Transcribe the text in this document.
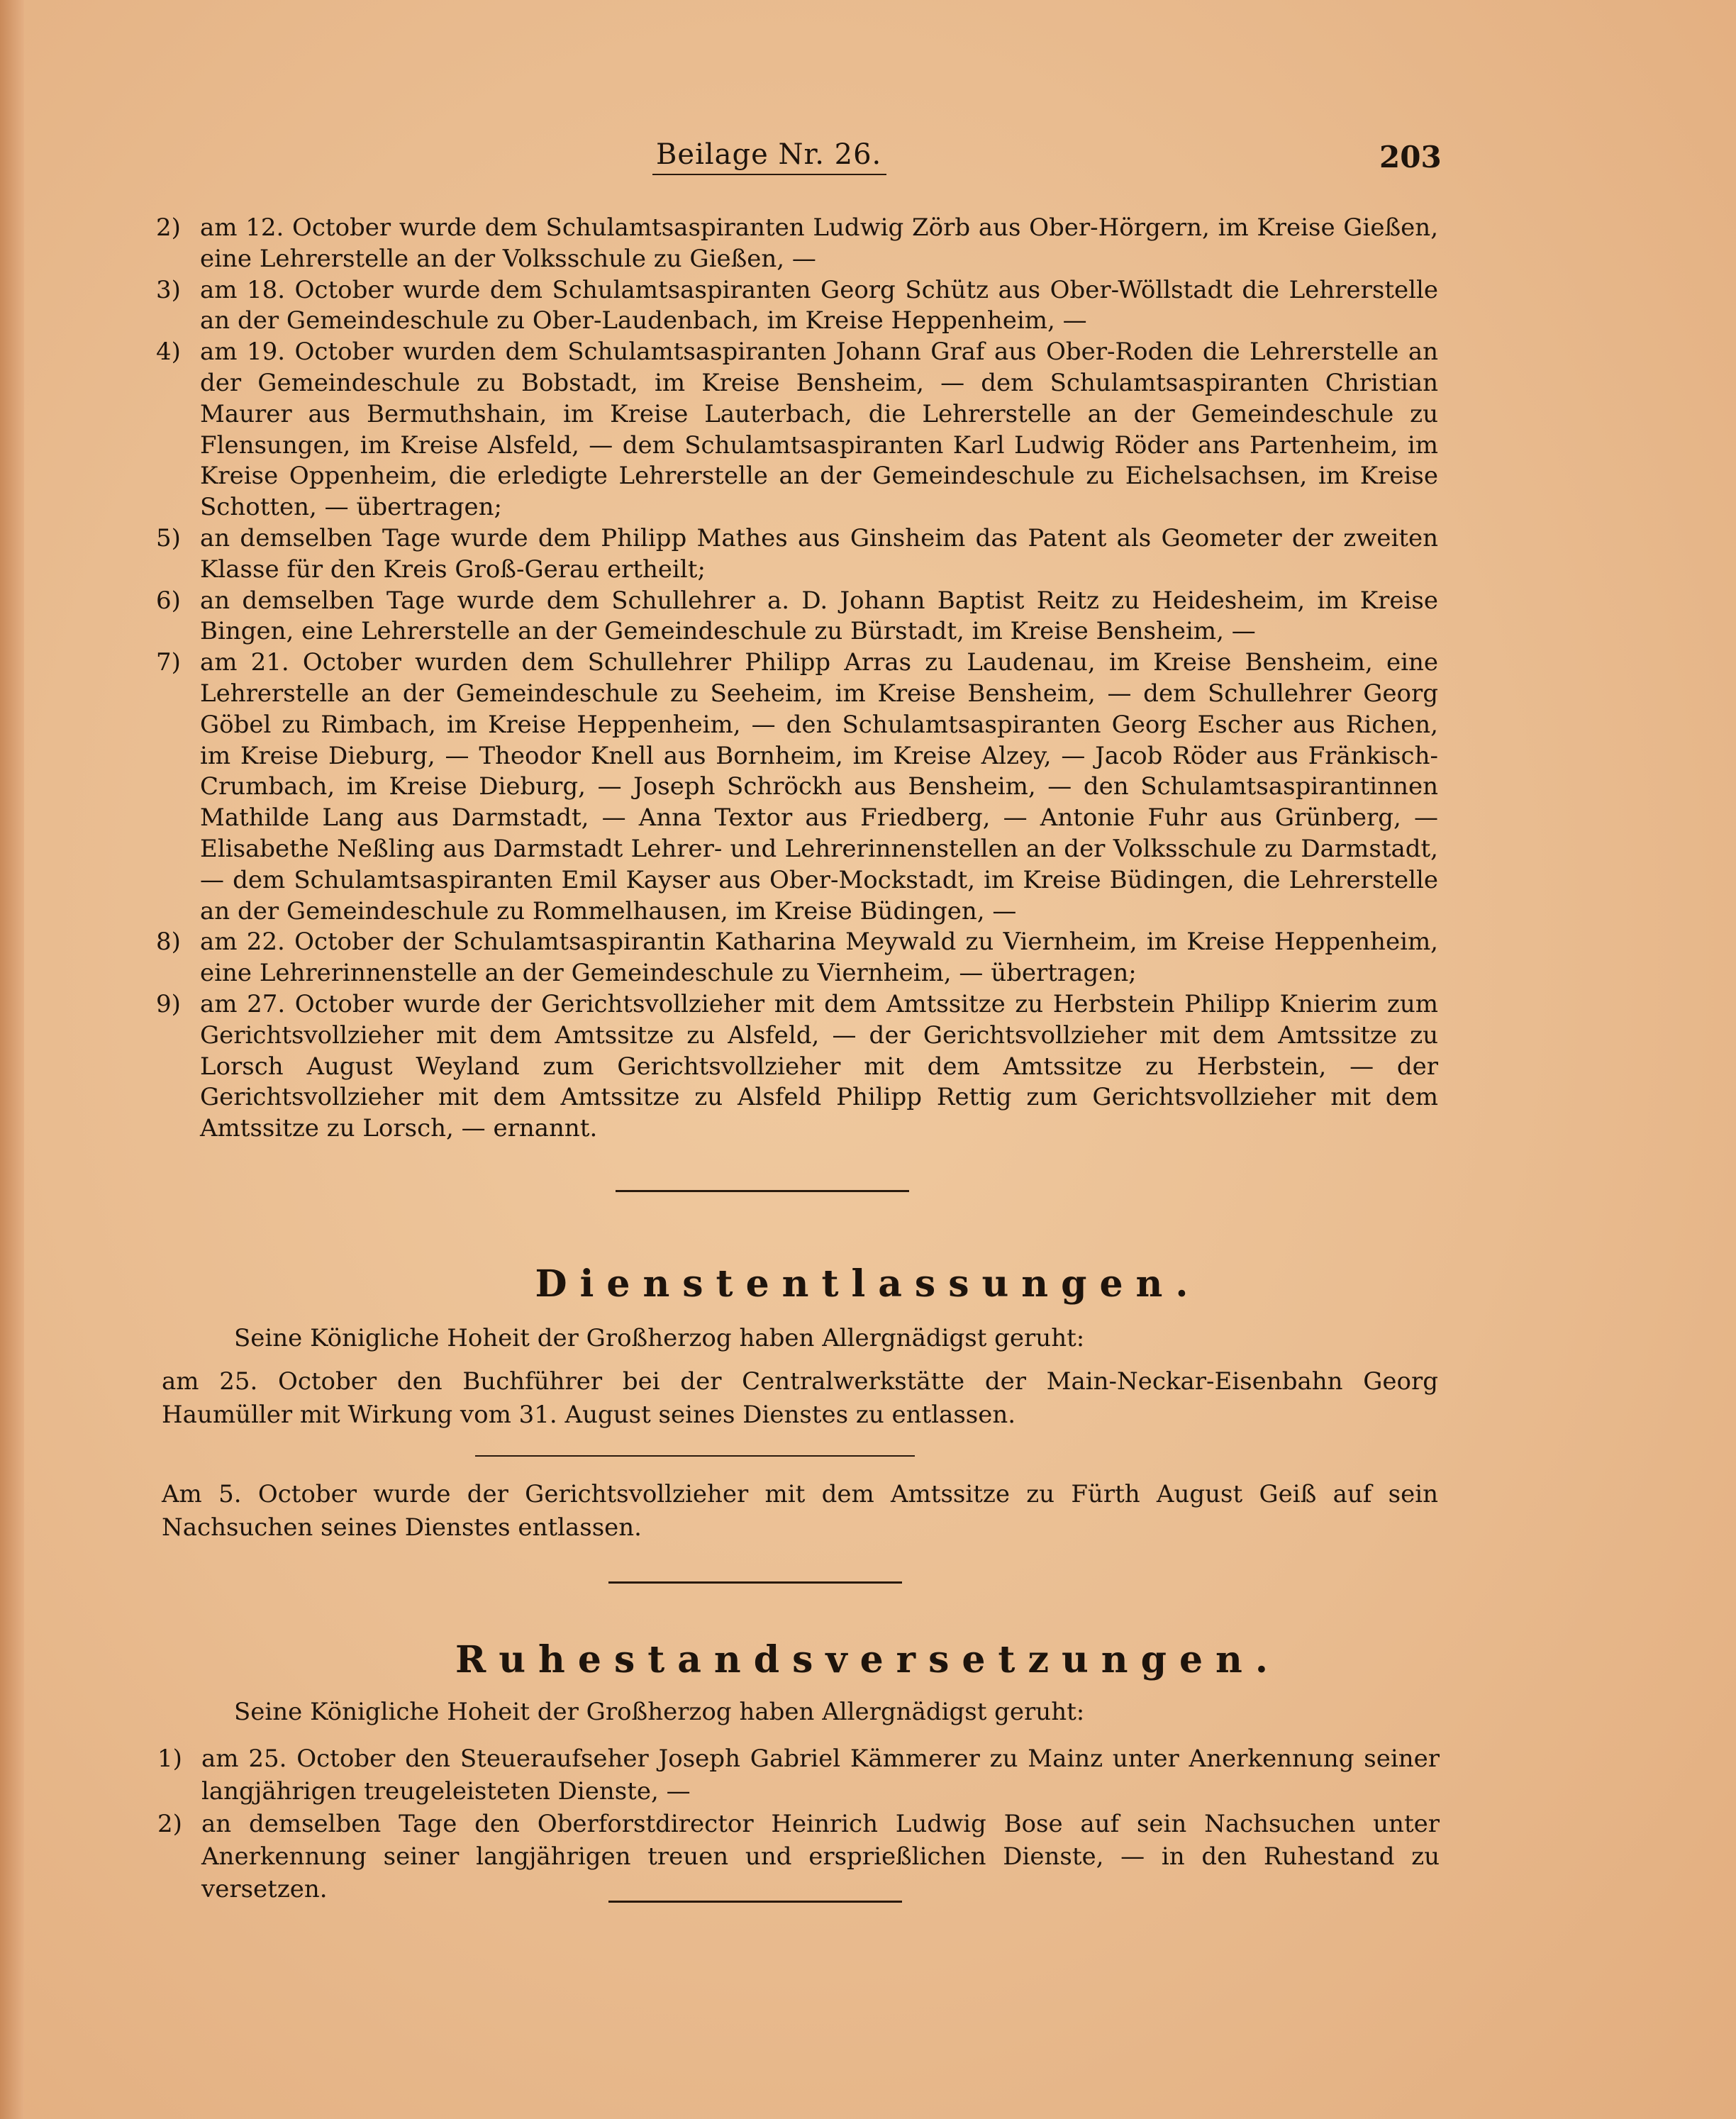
Beilage Nr. 26.	203
2) am 12. October wurde dem Schulamtsaspiranten Ludwig Zörb aus Ober-Hörgern, im Kreise Gießen, eine Lehrerstelle an der Volksschule zu Gießen, —
3) am 18. October wurde dem Schulamtsaspiranten Georg Schütz aus Ober-Wöllstadt die Lehrerstelle an der Gemeindeschule zu Ober-Laudenbach, im Kreise Heppenheim, —
4) am 19. October wurden dem Schulamtsaspiranten Johann Graf aus Ober-Roden die Lehrerstelle an der Gemeindeschule zu Bobstadt, im Kreise Bensheim, — dem Schulamtsaspiranten Christian Maurer aus Bermuthshain, im Kreise Lauterbach, die Lehrerstelle an der Gemeindeschule zu Flensungen, im Kreise Alsfeld, — dem Schulamtsaspiranten Karl Ludwig Röder ans Partenheim, im Kreise Oppenheim, die erledigte Lehrerstelle an der Gemeindeschule zu Eichelsachsen, im Kreise Schotten, — übertragen;
5) an demselben Tage wurde dem Philipp Mathes aus Ginsheim das Patent als Geometer der zweiten Klasse für den Kreis Groß-Gerau ertheilt;
6) an demselben Tage wurde dem Schullehrer a. D. Johann Baptist Reitz zu Heidesheim, im Kreise Bingen, eine Lehrerstelle an der Gemeindeschule zu Bürstadt, im Kreise Bensheim, —
7) am 21. October wurden dem Schullehrer Philipp Arras zu Laudenau, im Kreise Bensheim, eine Lehrerstelle an der Gemeindeschule zu Seeheim, im Kreise Bensheim, — dem Schullehrer Georg Göbel zu Rimbach, im Kreise Heppenheim, — den Schulamtsaspiranten Georg Escher aus Richen, im Kreise Dieburg, — Theodor Knell aus Bornheim, im Kreise Alzey, — Jacob Röder aus Fränkisch-Crumbach, im Kreise Dieburg, — Joseph Schröckh aus Bensheim, — den Schulamtsaspirantinnen Mathilde Lang aus Darmstadt, — Anna Textor aus Friedberg, — Antonie Fuhr aus Grünberg, — Elisabethe Neßling aus Darmstadt Lehrer- und Lehrerinnenstellen an der Volksschule zu Darmstadt, — dem Schulamtsaspiranten Emil Kayser aus Ober-Mockstadt, im Kreise Büdingen, die Lehrerstelle an der Gemeindeschule zu Rommelhausen, im Kreise Büdingen, —
8) am 22. October der Schulamtsaspirantin Katharina Meywald zu Viernheim, im Kreise Heppenheim, eine Lehrerinnenstelle an der Gemeindeschule zu Viernheim, — übertragen;
9) am 27. October wurde der Gerichtsvollzieher mit dem Amtssitze zu Herbstein Philipp Knierim zum Gerichtsvollzieher mit dem Amtssitze zu Alsfeld, — der Gerichtsvollzieher mit dem Amtssitze zu Lorsch August Weyland zum Gerichtsvollzieher mit dem Amtssitze zu Herbstein, — der Gerichtsvollzieher mit dem Amtssitze zu Alsfeld Philipp Rettig zum Gerichtsvollzieher mit dem Amtssitze zu Lorsch, — ernannt.
Dienstentlassungen.
Seine Königliche Hoheit der Großherzog haben Allergnädigst geruht:
am 25. October den Buchführer bei der Centralwerkstätte der Main-Neckar-Eisenbahn Georg Haumüller mit Wirkung vom 31. August seines Dienstes zu entlassen.
Am 5. October wurde der Gerichtsvollzieher mit dem Amtssitze zu Fürth August Geiß auf sein Nachsuchen seines Dienstes entlassen.
Ruhestandsversetzungen.
Seine Königliche Hoheit der Großherzog haben Allergnädigst geruht:
1) am 25. October den Steueraufseher Joseph Gabriel Kämmerer zu Mainz unter Anerkennung seiner langjährigen treugeleisteten Dienste, —
2) an demselben Tage den Oberforstdirector Heinrich Ludwig Bose auf sein Nachsuchen unter Anerkennung seiner langjährigen treuen und ersprießlichen Dienste, — in den Ruhestand zu versetzen.
